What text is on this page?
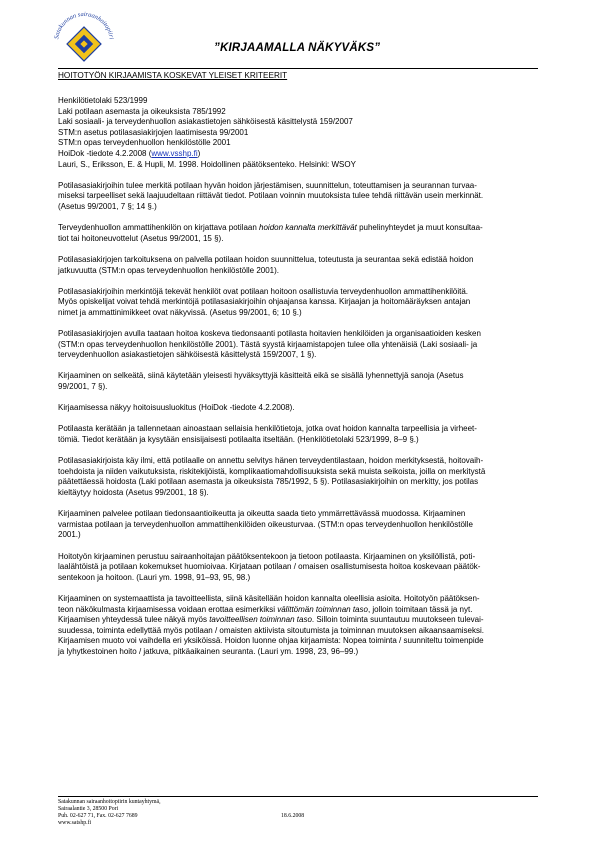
Satakunnan sairaanhoitopiiri
”KIRJAAMALLA NÄKYVÄKS”
HOITOTYÖN KIRJAAMISTA KOSKEVAT YLEISET KRITEERIT
Henkilötietolaki 523/1999
Laki potilaan asemasta ja oikeuksista 785/1992
Laki sosiaali- ja terveydenhuollon asiakastietojen sähköisestä käsittelystä 159/2007
STM:n asetus potilasasiakirjojen laatimisesta 99/2001
STM:n opas terveydenhuollon henkilöstölle 2001
HoiDok -tiedote 4.2.2008 (www.vsshp.fi)
Lauri, S., Eriksson, E. & Hupli, M. 1998. Hoidollinen päätöksenteko. Helsinki: WSOY

Potilasasiakirjoihin tulee merkitä potilaan hyvän hoidon järjestämisen, suunnittelun, toteuttamisen ja seurannan turvaa-
miseksi tarpeelliset sekä laajuudeltaan riittävät tiedot. Potilaan voinnin muutoksista tulee tehdä riittävän usein merkinnät.
(Asetus 99/2001, 7 §; 14 §.)

Terveydenhuollon ammattihenkilön on kirjattava potilaan hoidon kannalta merkittävät puhelinyhteydet ja muut konsultaa-
tiot tai hoitoneuvottelut (Asetus 99/2001, 15 §).

Potilasasiakirjojen tarkoituksena on palvella potilaan hoidon suunnittelua, toteutusta ja seurantaa sekä edistää hoidon
jatkuvuutta (STM:n opas terveydenhuollon henkilöstölle 2001).

Potilasasiakirjoihin merkintöjä tekevät henkilöt ovat potilaan hoitoon osallistuvia terveydenhuollon ammattihenkilöitä.
Myös opiskelijat voivat tehdä merkintöjä potilasasiakirjoihin ohjaajansa kanssa. Kirjaajan ja hoitomääräyksen antajan
nimet ja ammattinimikkeet ovat näkyvissä. (Asetus 99/2001, 6; 10 §.)

Potilasasiakirjojen avulla taataan hoitoa koskeva tiedonsaanti potilasta hoitavien henkilöiden ja organisaatioiden kesken
(STM:n opas terveydenhuollon henkilöstölle 2001). Tästä syystä kirjaamistapojen tulee olla yhtenäisiä (Laki sosiaali- ja
terveydenhuollon asiakastietojen sähköisestä käsittelystä 159/2007, 1 §).

Kirjaaminen on selkeätä, siinä käytetään yleisesti hyväksyttyjä käsitteitä eikä se sisällä lyhennettyjä sanoja (Asetus
99/2001, 7 §).

Kirjaamisessa näkyy hoitoisuusluokitus (HoiDok -tiedote 4.2.2008).

Potilaasta kerätään ja tallennetaan ainoastaan sellaisia henkilötietoja, jotka ovat hoidon kannalta tarpeellisia ja virheet-
tömiä. Tiedot kerätään ja kysytään ensisijaisesti potilaalta itseltään. (Henkilötietolaki 523/1999, 8–9 §.)

Potilasasiakirjoista käy ilmi, että potilaalle on annettu selvitys hänen terveydentilastaan, hoidon merkityksestä, hoitovaih-
toehdoista ja niiden vaikutuksista, riskitekijöistä, komplikaatiomahdollisuuksista sekä muista seikoista, joilla on merkitystä
päätettäessä hoidosta (Laki potilaan asemasta ja oikeuksista 785/1992, 5 §). Potilasasiakirjoihin on merkitty, jos potilas
kieltäytyy hoidosta (Asetus 99/2001, 18 §).

Kirjaaminen palvelee potilaan tiedonsaantioikeutta ja oikeutta saada tieto ymmärrettävässä muodossa. Kirjaaminen
varmistaa potilaan ja terveydenhuollon ammattihenkilöiden oikeusturvaa. (STM:n opas terveydenhuollon henkilöstölle
2001.)

Hoitotyön kirjaaminen perustuu sairaanhoitajan päätöksentekoon ja tietoon potilaasta. Kirjaaminen on yksilöllistä, poti-
laalähtöistä ja potilaan kokemukset huomioivaa. Kirjataan potilaan / omaisen osallistumisesta hoitoa koskevaan päätök-
sentekoon ja hoitoon. (Lauri ym. 1998, 91–93, 95, 98.)

Kirjaaminen on systemaattista ja tavoitteellista, siinä käsitellään hoidon kannalta oleellisia asioita. Hoitotyön päätöksen-
teon näkökulmasta kirjaamisessa voidaan erottaa esimerkiksi välittömän toiminnan taso, jolloin toimitaan tässä ja nyt.
Kirjaamisen yhteydessä tulee näkyä myös tavoitteellisen toiminnan taso. Silloin toiminta suuntautuu muutokseen tulevai-
suudessa, toiminta edellyttää myös potilaan / omaisten aktiivista sitoutumista ja toiminnan muutoksen aikaansaamiseksi.
Kirjaamisen muoto voi vaihdella eri yksiköissä. Hoidon luonne ohjaa kirjaamista: Nopea toiminta / suunniteltu toimenpide
ja lyhytkestoinen hoito / jatkuva, pitkäaikainen seuranta. (Lauri ym. 1998, 23, 96–99.)

Satakunnan sairaanhoitopiirin kuntayhtymä,
Sairaalantie 3, 28500 Pori
Puh. 02-627 71, Fax. 02-627 7689
www.satshp.fi
18.6.2008
